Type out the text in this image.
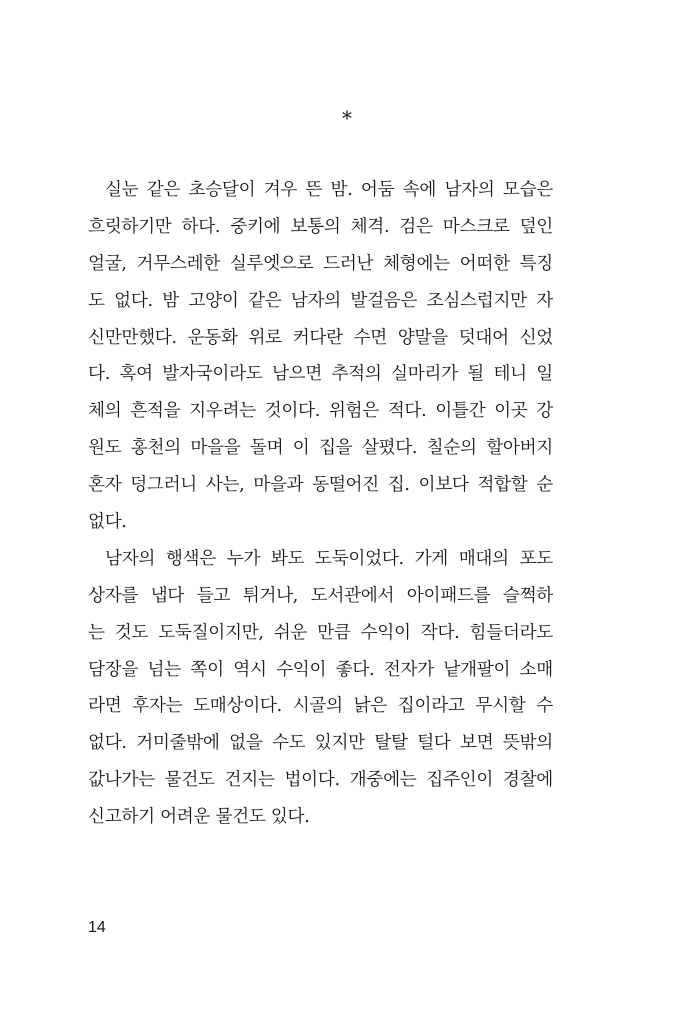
⁎
실눈 같은 초승달이 겨우 뜬 밤. 어둠 속에 남자의 모습은
흐릿하기만 하다. 중키에 보통의 체격. 검은 마스크로 덮인
얼굴, 거무스레한 실루엣으로 드러난 체형에는 어떠한 특징
도 없다. 밤 고양이 같은 남자의 발걸음은 조심스럽지만 자
신만만했다. 운동화 위로 커다란 수면 양말을 덧대어 신었
다. 혹여 발자국이라도 남으면 추적의 실마리가 될 테니 일
체의 흔적을 지우려는 것이다. 위험은 적다. 이틀간 이곳 강
원도 홍천의 마을을 돌며 이 집을 살폈다. 칠순의 할아버지
혼자 덩그러니 사는, 마을과 동떨어진 집. 이보다 적합할 순
없다.
남자의 행색은 누가 봐도 도둑이었다. 가게 매대의 포도
상자를 냅다 들고 튀거나, 도서관에서 아이패드를 슬쩍하
는 것도 도둑질이지만, 쉬운 만큼 수익이 작다. 힘들더라도
담장을 넘는 쪽이 역시 수익이 좋다. 전자가 낱개팔이 소매
라면 후자는 도매상이다. 시골의 낡은 집이라고 무시할 수
없다. 거미줄밖에 없을 수도 있지만 탈탈 털다 보면 뜻밖의
값나가는 물건도 건지는 법이다. 개중에는 집주인이 경찰에
신고하기 어려운 물건도 있다.
14
